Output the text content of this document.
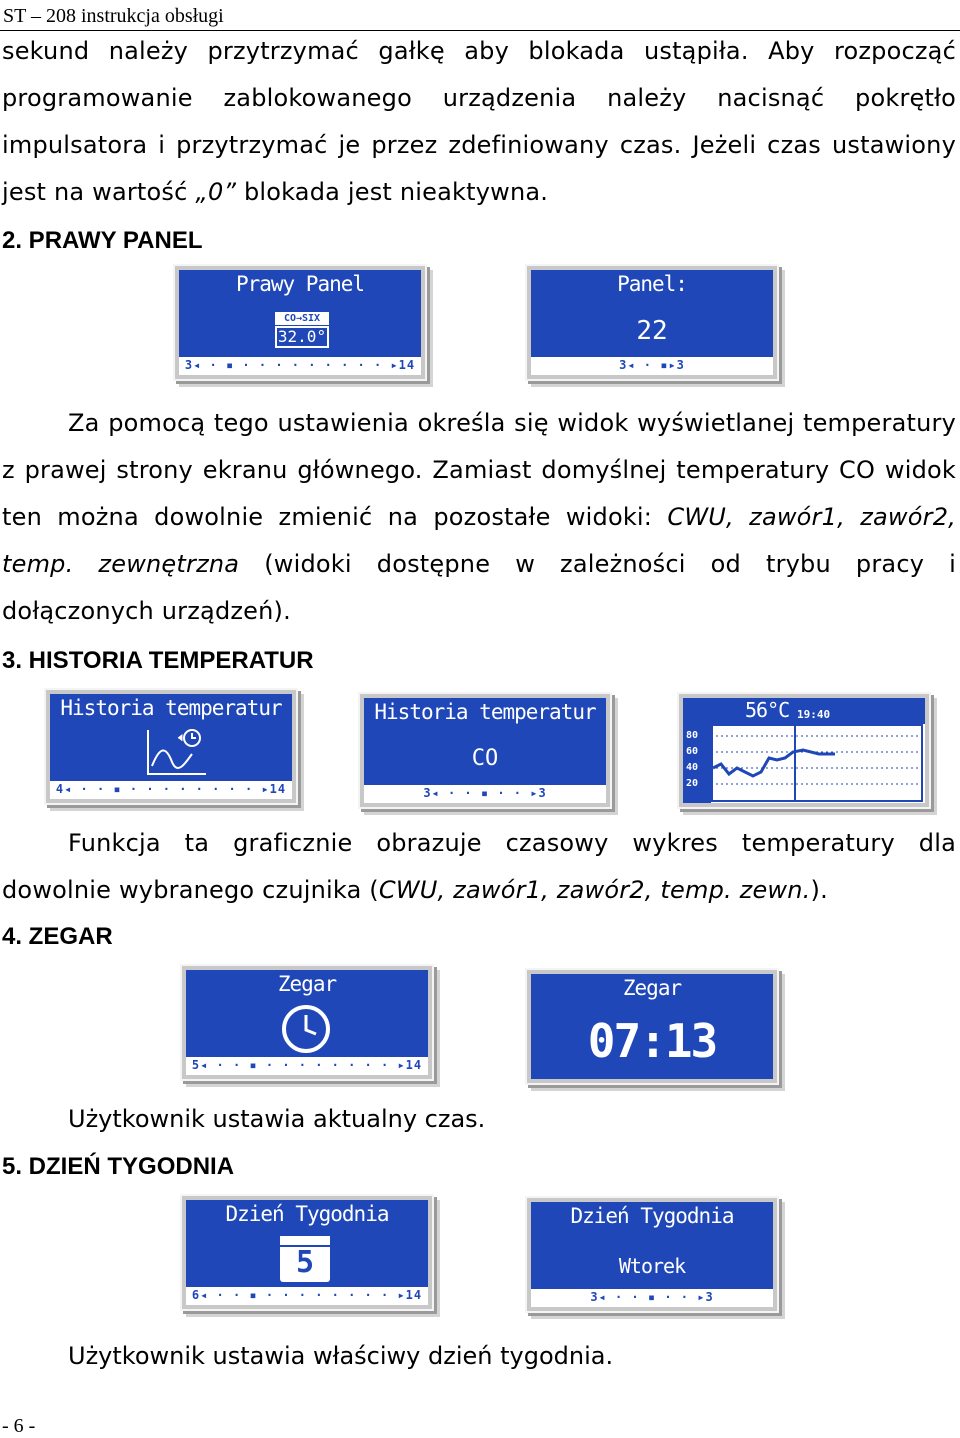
ST – 208 instrukcja obsługi

sekund należy przytrzymać gałkę aby blokada ustąpiła. Aby rozpocząć programowanie zablokowanego urządzenia należy nacisnąć pokrętło impulsatora i przytrzymać je przez zdefiniowany czas. Jeżeli czas ustawiony jest na wartość „0” blokada jest nieaktywna.

2. PRAWY PANEL
Prawy Panel
CO→SIX
32.0°
3◂ · ▪ · · · · · · · · · ▸14
Panel:
22
3◂ · ▪▸3

Za pomocą tego ustawienia określa się widok wyświetlanej temperatury z prawej strony ekranu głównego. Zamiast domyślnej temperatury CO widok ten można dowolnie zmienić na pozostałe widoki: CWU, zawór1, zawór2, temp. zewnętrzna (widoki dostępne w zależności od trybu pracy i dołączonych urządzeń).

3. HISTORIA TEMPERATUR
Historia temperatur
4◂ · · ▪ · · · · · · · · ▸14
Historia temperatur
CO
3◂ · · ▪ · · ▸3
56°C 19:40
80
60
40
20

Funkcja ta graficznie obrazuje czasowy wykres temperatury dla dowolnie wybranego czujnika (CWU, zawór1, zawór2, temp. zewn.).

4. ZEGAR
Zegar
5◂ · · ▪ · · · · · · · · ▸14
Zegar
07:13
Użytkownik ustawia aktualny czas.
5. DZIEŃ TYGODNIA
Dzień Tygodnia
5
6◂ · · ▪ · · · · · · · · ▸14
Dzień Tygodnia
Wtorek
3◂ · · ▪ · · ▸3
Użytkownik ustawia właściwy dzień tygodnia.
- 6 -
